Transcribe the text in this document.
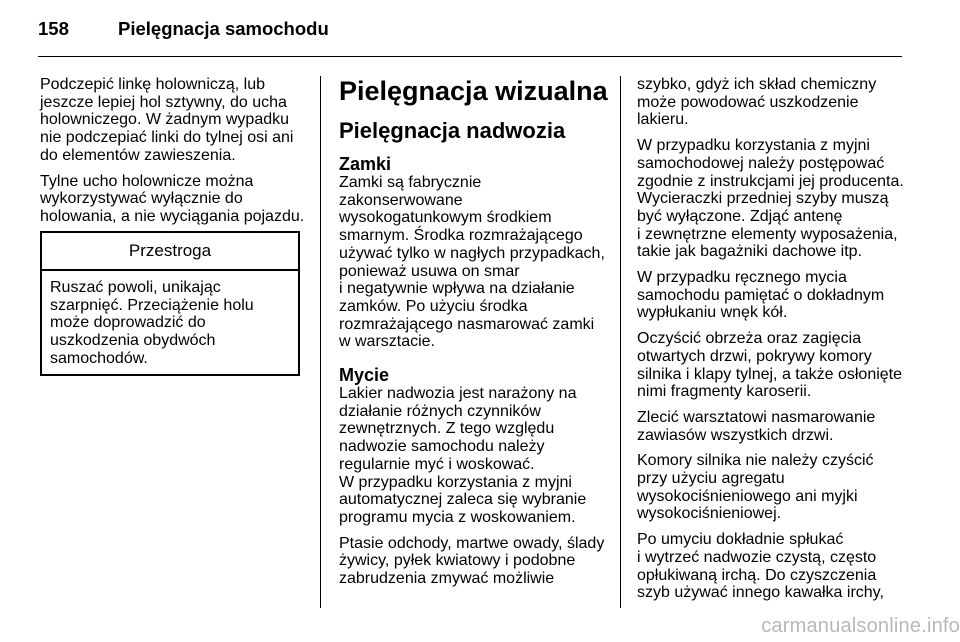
158	Pielęgnacja samochodu

Podczepić linkę holowniczą, lub
jeszcze lepiej hol sztywny, do ucha
holowniczego. W żadnym wypadku
nie podczepiać linki do tylnej osi ani
do elementów zawieszenia.

Tylne ucho holownicze można
wykorzystywać wyłącznie do
holowania, a nie wyciągania pojazdu.

Przestroga
Ruszać powoli, unikając
szarpnięć. Przeciążenie holu
może doprowadzić do
uszkodzenia obydwóch
samochodów.
Pielęgnacja wizualna
Pielęgnacja nadwozia
Zamki

Zamki są fabrycznie
zakonserwowane
wysokogatunkowym środkiem
smarnym. Środka rozmrażającego
używać tylko w nagłych przypadkach,
ponieważ usuwa on smar
i negatywnie wpływa na działanie
zamków. Po użyciu środka
rozmrażającego nasmarować zamki
w warsztacie.

Mycie

Lakier nadwozia jest narażony na
działanie różnych czynników
zewnętrznych. Z tego względu
nadwozie samochodu należy
regularnie myć i woskować.
W przypadku korzystania z myjni
automatycznej zaleca się wybranie
programu mycia z woskowaniem.

Ptasie odchody, martwe owady, ślady
żywicy, pyłek kwiatowy i podobne
zabrudzenia zmywać możliwie

szybko, gdyż ich skład chemiczny
może powodować uszkodzenie
lakieru.

W przypadku korzystania z myjni
samochodowej należy postępować
zgodnie z instrukcjami jej producenta.
Wycieraczki przedniej szyby muszą
być wyłączone. Zdjąć antenę
i zewnętrzne elementy wyposażenia,
takie jak bagażniki dachowe itp.

W przypadku ręcznego mycia
samochodu pamiętać o dokładnym
wypłukaniu wnęk kół.

Oczyścić obrzeża oraz zagięcia
otwartych drzwi, pokrywy komory
silnika i klapy tylnej, a także osłonięte
nimi fragmenty karoserii.

Zlecić warsztatowi nasmarowanie
zawiasów wszystkich drzwi.

Komory silnika nie należy czyścić
przy użyciu agregatu
wysokociśnieniowego ani myjki
wysokociśnieniowej.

Po umyciu dokładnie spłukać
i wytrzeć nadwozie czystą, często
opłukiwaną irchą. Do czyszczenia
szyb używać innego kawałka irchy,

carmanualsonline.info
